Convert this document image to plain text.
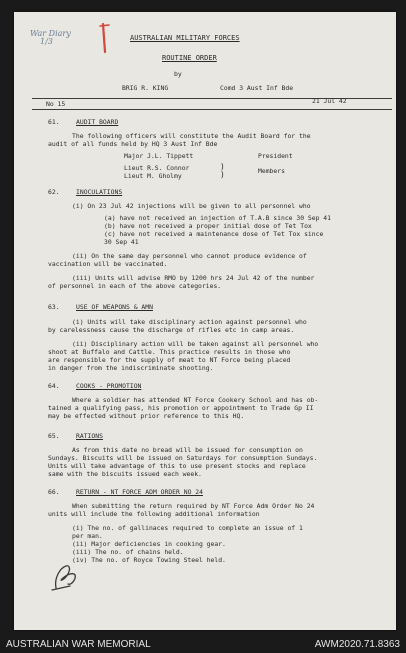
War Diary
1/3	AUSTRALIAN MILITARY FORCES
ROUTINE ORDER
by
BRIG R. KING	Comd 3 Aust Inf Bde
No 15	21 Jul 42
61.	AUDIT BOARD
The following officers will constitute the Audit Board for the
audit of all funds held by HQ 3 Aust Inf Bde
Major J.L. Tippett	President
Lieut R.S. Connor
Lieut M. Gholmy
)
)	Members
62.	INOCULATIONS
(i) On 23 Jul 42 injections will be given to all personnel who
(a) have not received an injection of T.A.B since 30 Sep 41
(b) have not received a proper initial dose of Tet Tox
(c) have not received a maintenance dose of Tet Tox since
30 Sep 41
(ii) On the same day personnel who cannot produce evidence of
vaccination will be vaccinated.
(iii) Units will advise RMO by 1200 hrs 24 Jul 42 of the number
of personnel in each of the above categories.
63.	USE OF WEAPONS & AMN
(i) Units will take disciplinary action against personnel who
by carelessness cause the discharge of rifles etc in camp areas.
(ii) Disciplinary action will be taken against all personnel who
shoot at Buffalo and Cattle. This practice results in those who
are responsible for the supply of meat to NT Force being placed
in danger from the indiscriminate shooting.
64.	COOKS - PROMOTION
Where a soldier has attended NT Force Cookery School and has ob-
tained a qualifying pass, his promotion or appointment to Trade Gp II
may be effected without prior reference to this HQ.
65.	RATIONS
As from this date no bread will be issued for consumption on
Sundays. Biscuits will be issued on Saturdays for consumption Sundays.
Units will take advantage of this to use present stocks and replace
same with the biscuits issued each week.
66.	RETURN - NT FORCE ADM ORDER NO 24
When submitting the return required by NT Force Adm Order No 24
units will include the following additional information
(i) The no. of gallinaces required to complete an issue of 1
per man.
(ii) Major deficiencies in cooking gear.
(iii) The no. of chains held.
(iv) The no. of Royce Towing Steel held.
AUSTRALIAN WAR MEMORIAL	AWM2020.71.8363
